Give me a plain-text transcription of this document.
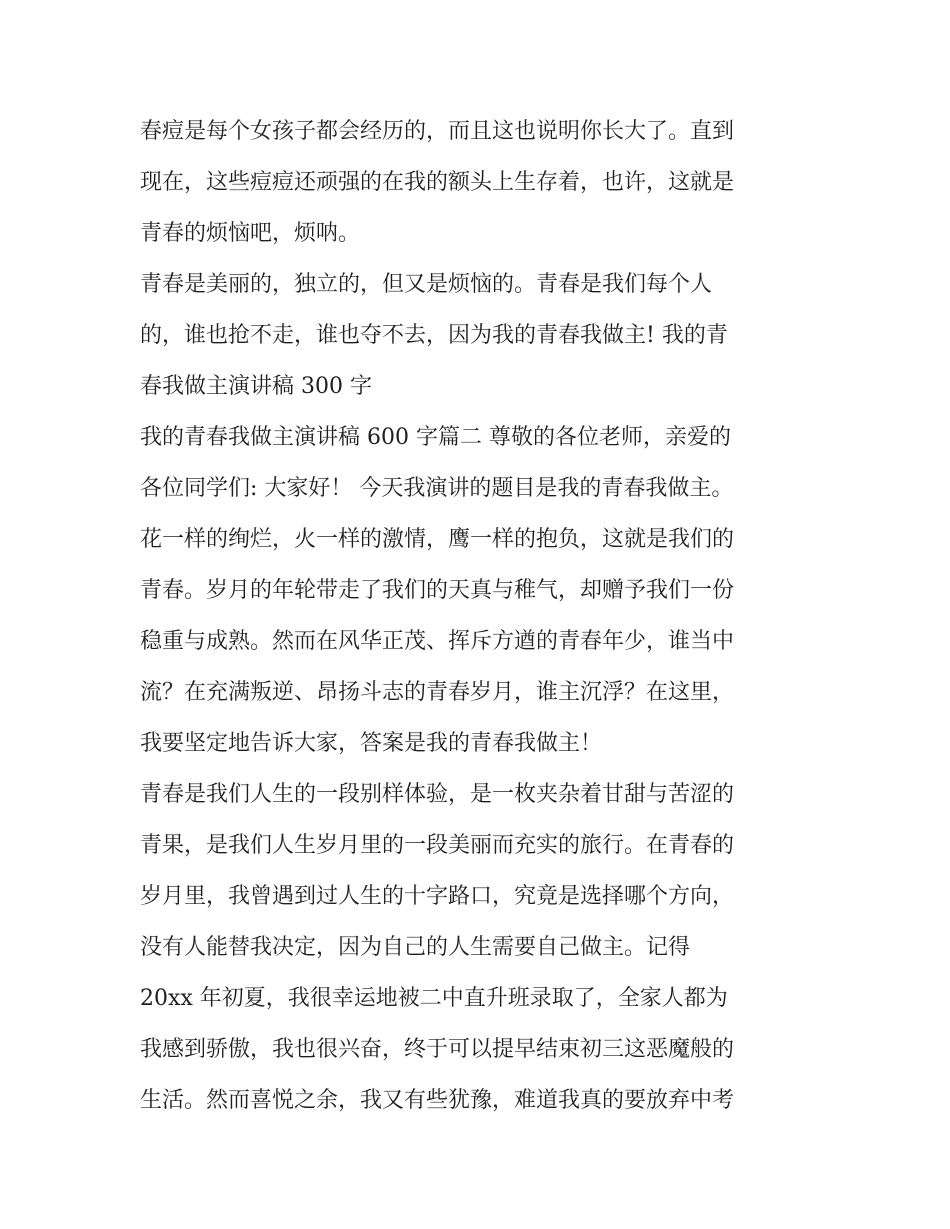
春痘是每个女孩子都会经历的，而且这也说明你长大了。直到
现在，这些痘痘还顽强的在我的额头上生存着，也许，这就是
青春的烦恼吧，烦呐。
青春是美丽的，独立的，但又是烦恼的。青春是我们每个人
的，谁也抢不走，谁也夺不去，因为我的青春我做主! 我的青
春我做主演讲稿 300 字
我的青春我做主演讲稿 600 字篇二 尊敬的各位老师，亲爱的
各位同学们: 大家好！ 今天我演讲的题目是我的青春我做主。
花一样的绚烂，火一样的激情，鹰一样的抱负，这就是我们的
青春。岁月的年轮带走了我们的天真与稚气，却赠予我们一份
稳重与成熟。然而在风华正茂、挥斥方遒的青春年少，谁当中
流？在充满叛逆、昂扬斗志的青春岁月，谁主沉浮？在这里，
我要坚定地告诉大家，答案是我的青春我做主！
青春是我们人生的一段别样体验，是一枚夹杂着甘甜与苦涩的
青果，是我们人生岁月里的一段美丽而充实的旅行。在青春的
岁月里，我曾遇到过人生的十字路口，究竟是选择哪个方向，
没有人能替我决定，因为自己的人生需要自己做主。记得
20xx 年初夏，我很幸运地被二中直升班录取了，全家人都为
我感到骄傲，我也很兴奋，终于可以提早结束初三这恶魔般的
生活。然而喜悦之余，我又有些犹豫，难道我真的要放弃中考
